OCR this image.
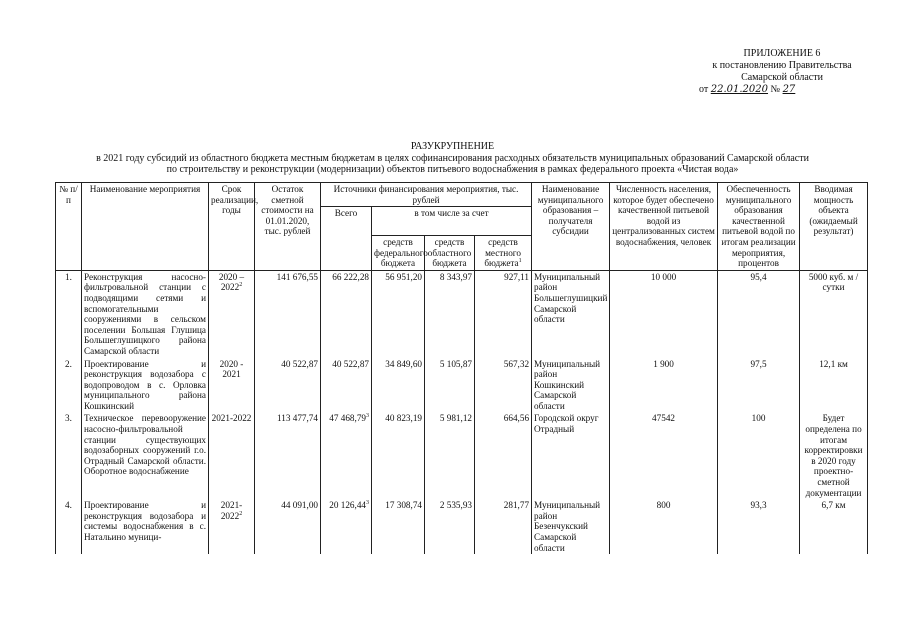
ПРИЛОЖЕНИЕ 6
к постановлению Правительства
Самарской области
от 22.01.2020 № 27
РАЗУКРУПНЕНИЕ
в 2021 году субсидий из областного бюджета местным бюджетам в целях софинансирования расходных обязательств муниципальных образований Самарской области
по строительству и реконструкции (модернизации) объектов питьевого водоснабжения в рамках федерального проекта «Чистая вода»
№ п/п	Наименование мероприятия	Срок реализации, годы	Остаток сметной стоимости на 01.01.2020, тыс. рублей	Источники финансирования мероприятия, тыс. рублей				Наименование муниципального образования – получателя субсидии	Численность населения, которое будет обеспечено качественной питьевой водой из централизованных систем водоснабжения, человек	Обеспеченность муниципального образования качественной питьевой водой по итогам реализации мероприятия, процентов	Вводимая мощность объекта (ожидаемый результат)
				Всего	в том числе за счет						
					средств федерального бюджета	средств областного бюджета	средств местного бюджета$^1$
1.	Реконструкция насосно-фильтровальной станции с подводящими сетями и вспомогательными сооружениями в сельском поселении Большая Глушица Большеглушицкого района Самарской области	2020 – 2022$^2$	141 676,55	66 222,28	56 951,20	8 343,97	927,11	Муниципальный район Большеглушицкий Самарской области	10 000	95,4	5000 куб. м / сутки
2.	Проектирование и реконструкция водозабора с водопроводом в с. Орловка муниципального района Кошкинский	2020 - 2021	40 522,87	40 522,87	34 849,60	5 105,87	567,32	Муниципальный район Кошкинский Самарской области	1 900	97,5	12,1 км
3.	Техническое перевооружение насосно-фильтровальной станции существующих водозаборных сооружений г.о. Отрадный Самарской области. Оборотное водоснабжение	2021-2022	113 477,74	47 468,79$^3$	40 823,19	5 981,12	664,56	Городской округ Отрадный	47542	100	Будет определена по итогам корректировки в 2020 году проектно-сметной документации
4.	Проектирование и реконструкция водозабора и системы водоснабжения в с. Натальино муници-	2021-2022$^2$	44 091,00	20 126,44$^3$	17 308,74	2 535,93	281,77	Муниципальный район Безенчукский Самарской области	800	93,3	6,7 км
